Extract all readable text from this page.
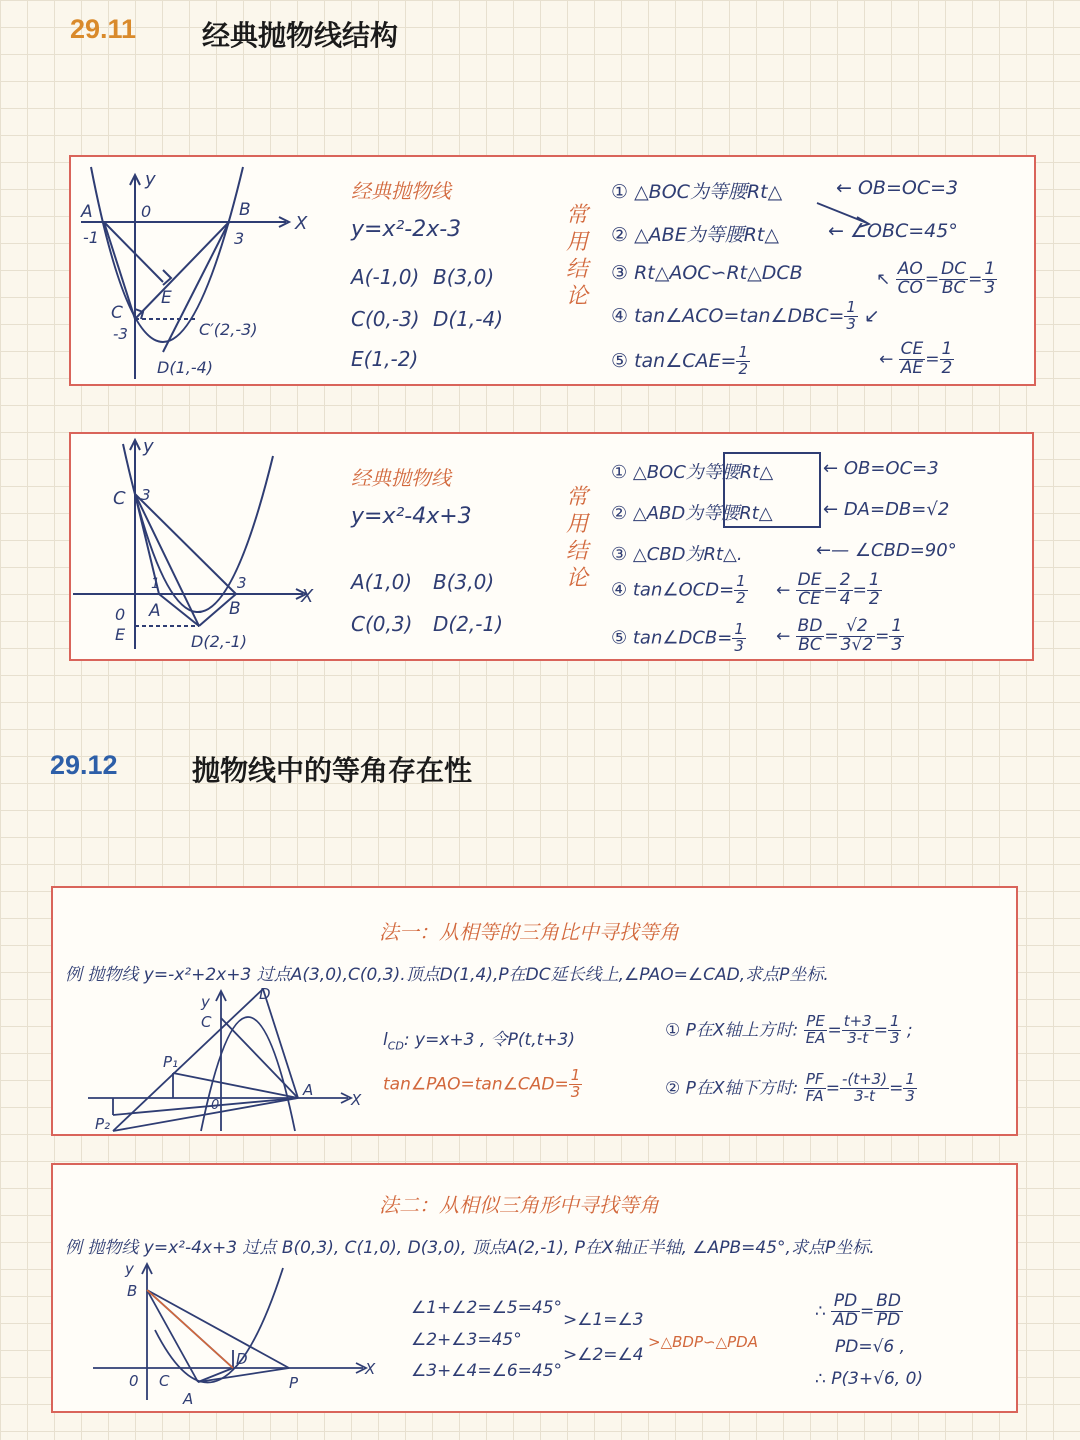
29.11 经典抛物线结构
y
X
0
A
-1
B
3
C
-3
E
C′(2,-3)
D(1,-4)
经典抛物线
y=x²-2x-3
A(-1,0) B(3,0)
C(0,-3) D(1,-4)
E(1,-2)
常用结论
① △BOC为等腰Rt△	← OB=OC=3
② △ABE为等腰Rt△	← ∠OBC=45°
③ Rt△AOC∽Rt△DCB	↖ $\frac{AO}{CO} = \frac{DC}{BC} = \frac{1}{3}$
④ tan∠ACO=tan∠DBC= $\frac{1}{3}$ ↙
⑤ tan∠CAE= $\frac{1}{2}$	← $\frac{CE}{AE} = \frac{1}{2}$
y
X
0
C 3
1
A
3
B
E	D(2,-1)
经典抛物线
y=x²-4x+3
A(1,0) B(3,0)
C(0,3) D(2,-1)
常用结论
① △BOC为等腰Rt△	← OB=OC=3
② △ABD为等腰Rt△	← DA=DB=√2
③ △CBD为Rt△.	←— ∠CBD=90°
④ tan∠OCD= $\frac{1}{2}$ ← $\frac{DE}{CE} = \frac{2}{4} = \frac{1}{2}$
⑤ tan∠DCB= $\frac{1}{3}$ ← $\frac{BD}{BC} = \frac{√2}{3√2} = \frac{1}{3}$
29.12	抛物线中的等角存在性
法一：从相等的三角比中寻找等角
例 抛物线 y=-x²+2x+3 过点A(3,0),C(0,3).顶点D(1,4),P在DC延长线上,∠PAO=∠CAD,求点P坐标.
y
X
D
C
P₁
P₂
0
A
$l_{CD}$: y=x+3 , 令P(t,t+3)
tan∠PAO=tan∠CAD= $\frac{1}{3}$
① P在X轴上方时: $\frac{PE}{EA} = \frac{t+3}{3-t} = \frac{1}{3}$ ;
② P在X轴下方时: $\frac{PF}{FA} = \frac{-(t+3)}{3-t} = \frac{1}{3}$
法二：从相似三角形中寻找等角
例 抛物线 y=x²-4x+3 过点 B(0,3), C(1,0), D(3,0), 顶点A(2,-1), P在X轴正半轴, ∠APB=45°,求点P坐标.
y
X
B
0 C
D
A
P
∠1+∠2=∠5=45°
∠2+∠3=45°
∠3+∠4=∠6=45°
>∠1=∠3
>∠2=∠4
>△BDP∽△PDA
∴ $\frac{PD}{AD} = \frac{BD}{PD}$
PD=√6 ,
∴ P(3+√6, 0)
